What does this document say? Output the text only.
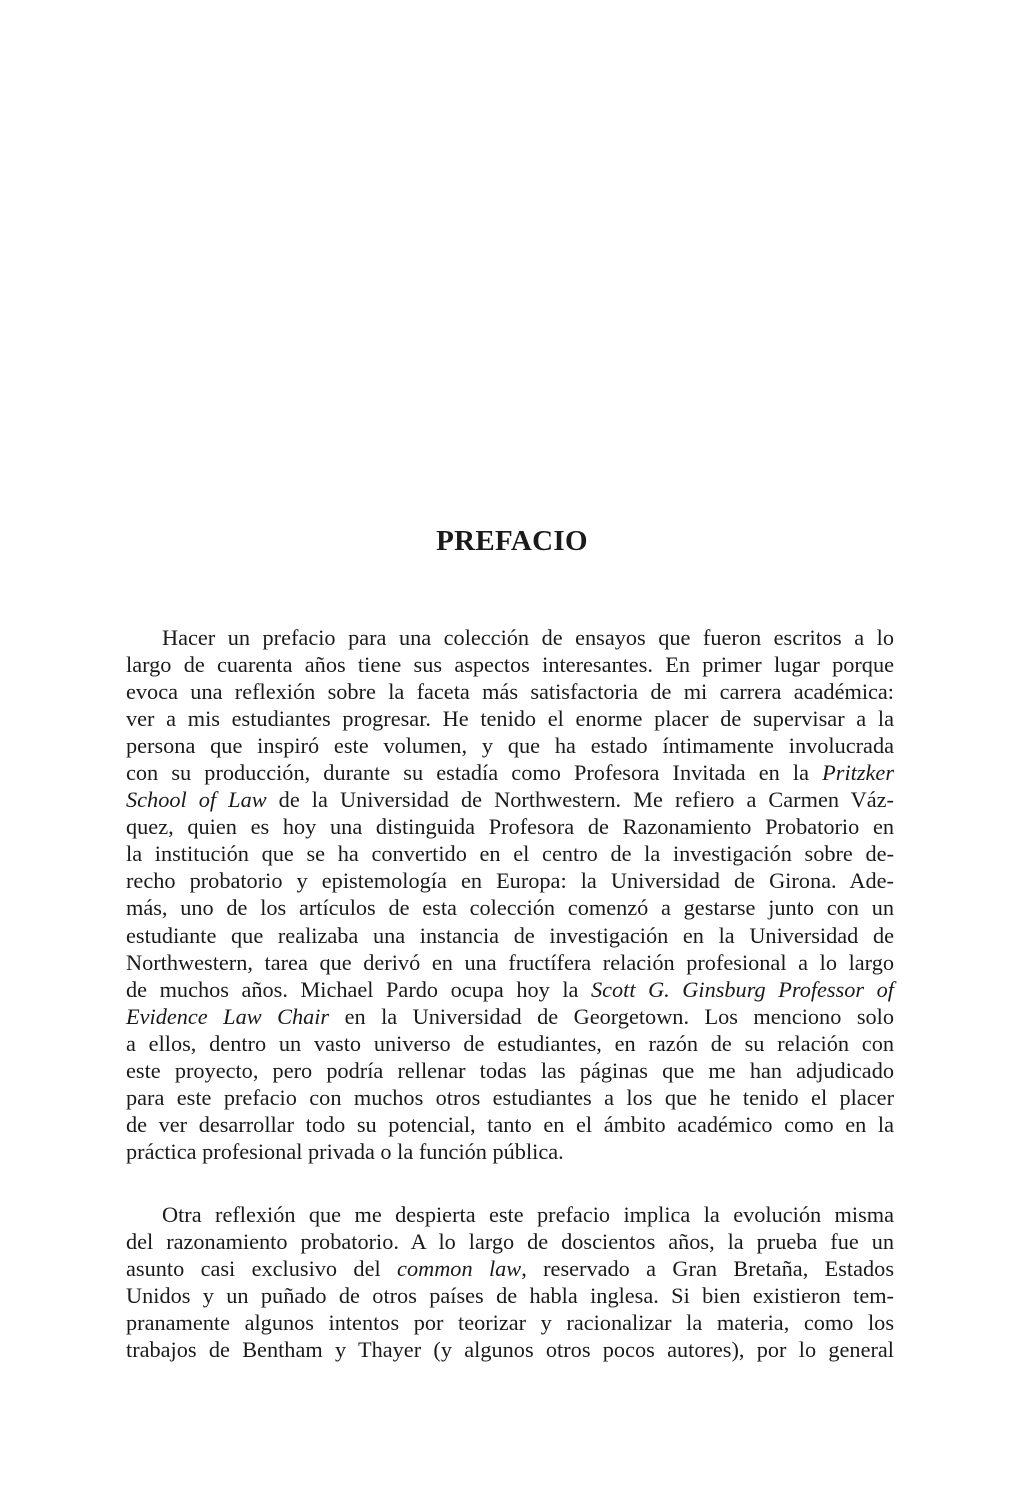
PREFACIO
Hacer un prefacio para una colección de ensayos que fueron escritos a lo
largo de cuarenta años tiene sus aspectos interesantes. En primer lugar porque
evoca una reflexión sobre la faceta más satisfactoria de mi carrera académica:
ver a mis estudiantes progresar. He tenido el enorme placer de supervisar a la
persona que inspiró este volumen, y que ha estado íntimamente involucrada
con su producción, durante su estadía como Profesora Invitada en la Pritzker
School of Law de la Universidad de Northwestern. Me refiero a Carmen Váz-
quez, quien es hoy una distinguida Profesora de Razonamiento Probatorio en
la institución que se ha convertido en el centro de la investigación sobre de-
recho probatorio y epistemología en Europa: la Universidad de Girona. Ade-
más, uno de los artículos de esta colección comenzó a gestarse junto con un
estudiante que realizaba una instancia de investigación en la Universidad de
Northwestern, tarea que derivó en una fructífera relación profesional a lo largo
de muchos años. Michael Pardo ocupa hoy la Scott G. Ginsburg Professor of
Evidence Law Chair en la Universidad de Georgetown. Los menciono solo
a ellos, dentro un vasto universo de estudiantes, en razón de su relación con
este proyecto, pero podría rellenar todas las páginas que me han adjudicado
para este prefacio con muchos otros estudiantes a los que he tenido el placer
de ver desarrollar todo su potencial, tanto en el ámbito académico como en la
práctica profesional privada o la función pública.
Otra reflexión que me despierta este prefacio implica la evolución misma
del razonamiento probatorio. A lo largo de doscientos años, la prueba fue un
asunto casi exclusivo del common law, reservado a Gran Bretaña, Estados
Unidos y un puñado de otros países de habla inglesa. Si bien existieron tem-
pranamente algunos intentos por teorizar y racionalizar la materia, como los
trabajos de Bentham y Thayer (y algunos otros pocos autores), por lo general
